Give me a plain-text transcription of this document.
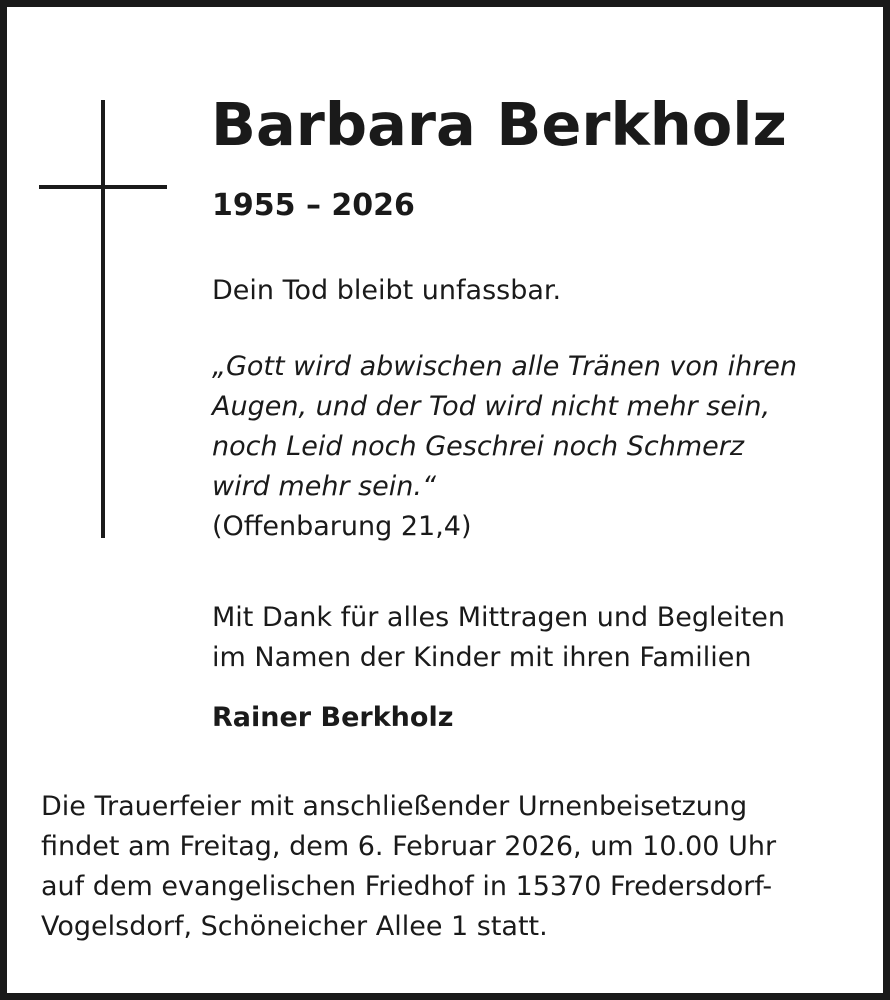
Barbara Berkholz
1955 – 2026
Dein Tod bleibt unfassbar.
„Gott wird abwischen alle Tränen von ihren
Augen, und der Tod wird nicht mehr sein,
noch Leid noch Geschrei noch Schmerz
wird mehr sein.“
(Offenbarung 21,4)
Mit Dank für alles Mittragen und Begleiten
im Namen der Kinder mit ihren Familien
Rainer Berkholz
Die Trauerfeier mit anschließender Urnenbeisetzung
findet am Freitag, dem 6. Februar 2026, um 10.00 Uhr
auf dem evangelischen Friedhof in 15370 Fredersdorf-
Vogelsdorf, Schöneicher Allee 1 statt.
